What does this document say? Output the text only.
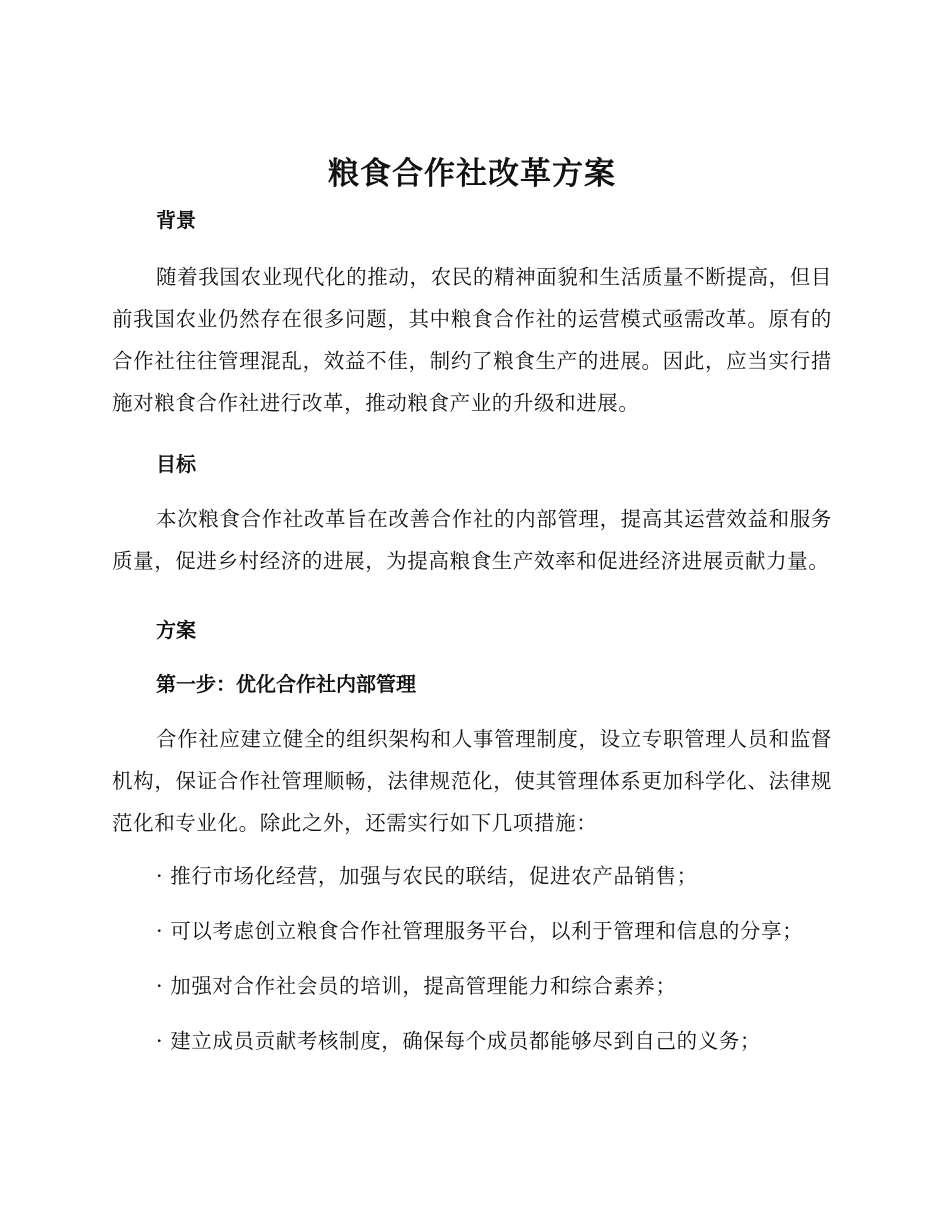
粮食合作社改革方案
背景

随着我国农业现代化的推动，农民的精神面貌和生活质量不断提高，但目前我国农业仍然存在很多问题，其中粮食合作社的运营模式亟需改革。原有的合作社往往管理混乱，效益不佳，制约了粮食生产的进展。因此，应当实行措施对粮食合作社进行改革，推动粮食产业的升级和进展。

目标

本次粮食合作社改革旨在改善合作社的内部管理，提高其运营效益和服务质量，促进乡村经济的进展，为提高粮食生产效率和促进经济进展贡献力量。

方案
第一步：优化合作社内部管理

合作社应建立健全的组织架构和人事管理制度，设立专职管理人员和监督机构，保证合作社管理顺畅，法律规范化，使其管理体系更加科学化、法律规范化和专业化。除此之外，还需实行如下几项措施：

· 推行市场化经营，加强与农民的联结，促进农产品销售；

· 可以考虑创立粮食合作社管理服务平台，以利于管理和信息的分享；

· 加强对合作社会员的培训，提高管理能力和综合素养；

· 建立成员贡献考核制度，确保每个成员都能够尽到自己的义务；
